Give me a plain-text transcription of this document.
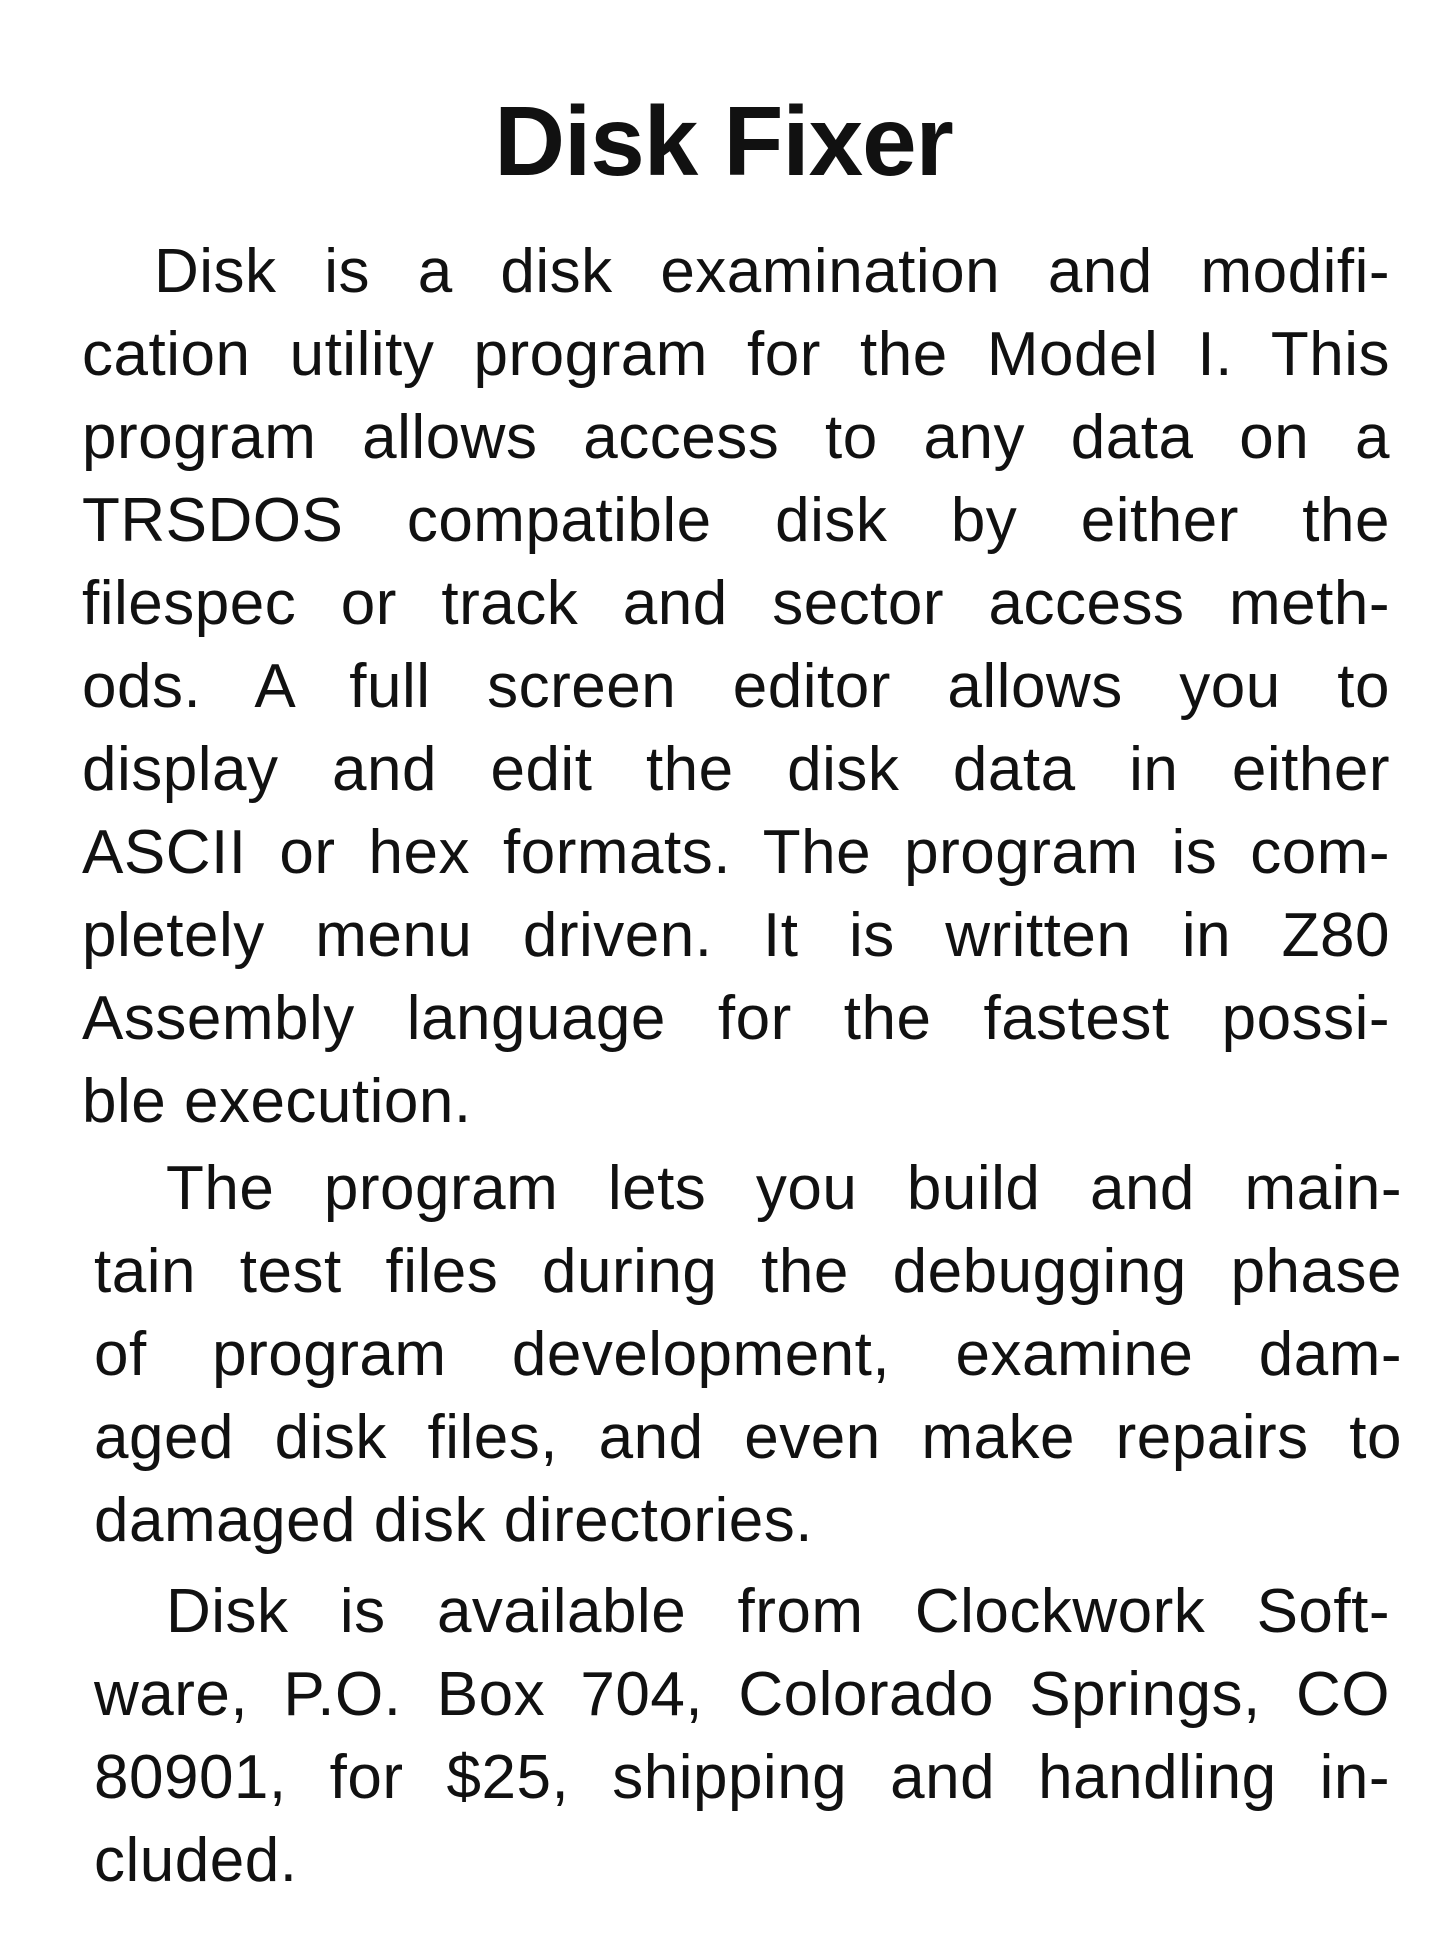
Disk Fixer
Disk is a disk examination and modifi-
cation utility program for the Model I. This
program allows access to any data on a
TRSDOS compatible disk by either the
filespec or track and sector access meth-
ods. A full screen editor allows you to
display and edit the disk data in either
ASCII or hex formats. The program is com-
pletely menu driven. It is written in Z80
Assembly language for the fastest possi-
ble execution.
The program lets you build and main-
tain test files during the debugging phase
of program development, examine dam-
aged disk files, and even make repairs to
damaged disk directories.
Disk is available from Clockwork Soft-
ware, P.O. Box 704, Colorado Springs, CO
80901, for $25, shipping and handling in-
cluded.
